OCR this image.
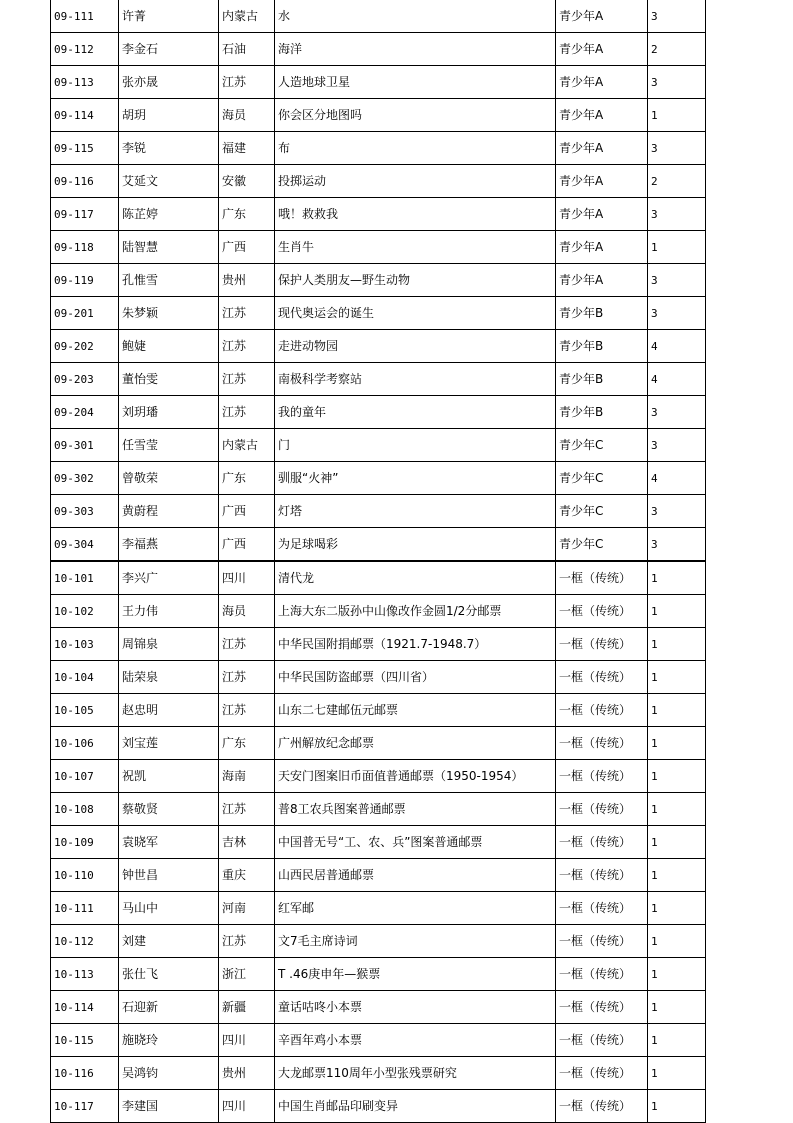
09-111	许菁	内蒙古	水	青少年A	3
09-112	李金石	石油	海洋	青少年A	2
09-113	张亦晟	江苏	人造地球卫星	青少年A	3
09-114	胡玥	海员	你会区分地图吗	青少年A	1
09-115	李锐	福建	布	青少年A	3
09-116	艾延文	安徽	投掷运动	青少年A	2
09-117	陈芷婷	广东	哦！救救我	青少年A	3
09-118	陆智慧	广西	生肖牛	青少年A	1
09-119	孔惟雪	贵州	保护人类朋友—野生动物	青少年A	3
09-201	朱梦颖	江苏	现代奥运会的诞生	青少年B	3
09-202	鲍婕	江苏	走进动物园	青少年B	4
09-203	董怡雯	江苏	南极科学考察站	青少年B	4
09-204	刘玥璠	江苏	我的童年	青少年B	3
09-301	任雪莹	内蒙古	门	青少年C	3
09-302	曾敬荣	广东	驯服“火神”	青少年C	4
09-303	黄蔚程	广西	灯塔	青少年C	3
09-304	李福燕	广西	为足球喝彩	青少年C	3
10-101	李兴广	四川	清代龙	一框（传统）	1
10-102	王力伟	海员	上海大东二版孙中山像改作金圆1/2分邮票	一框（传统）	1
10-103	周锦泉	江苏	中华民国附捐邮票（1921.7-1948.7）	一框（传统）	1
10-104	陆荣泉	江苏	中华民国防盗邮票（四川省）	一框（传统）	1
10-105	赵忠明	江苏	山东二七建邮伍元邮票	一框（传统）	1
10-106	刘宝莲	广东	广州解放纪念邮票	一框（传统）	1
10-107	祝凯	海南	天安门图案旧币面值普通邮票（1950-1954）	一框（传统）	1
10-108	蔡敬贤	江苏	普8工农兵图案普通邮票	一框（传统）	1
10-109	袁晓军	吉林	中国普无号“工、农、兵”图案普通邮票	一框（传统）	1
10-110	钟世昌	重庆	山西民居普通邮票	一框（传统）	1
10-111	马山中	河南	红军邮	一框（传统）	1
10-112	刘建	江苏	文7毛主席诗词	一框（传统）	1
10-113	张仕飞	浙江	T .46庚申年—猴票	一框（传统）	1
10-114	石迎新	新疆	童话咕咚小本票	一框（传统）	1
10-115	施晓玲	四川	辛酉年鸡小本票	一框（传统）	1
10-116	吴鸿钧	贵州	大龙邮票110周年小型张残票研究	一框（传统）	1
10-117	李建国	四川	中国生肖邮品印刷变异	一框（传统）	1
